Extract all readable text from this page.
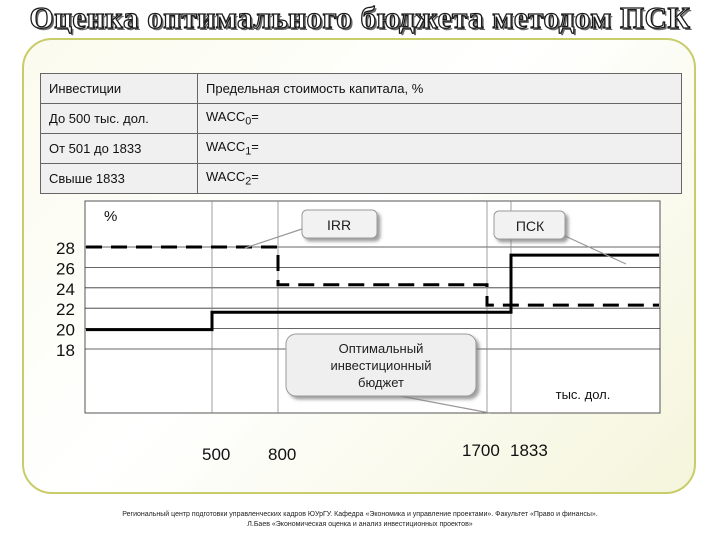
Оценка оптимального бюджета методом ПСК
Инвестиции	Предельная стоимость капитала, %
До 500 тыс. дол.	$WACC_0=$
От 501 до 1833	$WACC_1=$
Свыше 1833	$WACC_2=$
28
26
24
22
20
18
500 800	1700 1833
%	IRR	ПСК
Оптимальный
инвестиционный
бюджет
тыс. дол.
Региональный центр подготовки управленческих кадров ЮУрГУ. Кафедра «Экономика и управление проектами». Факультет «Право и финансы».
Л.Баев «Экономическая оценка и анализ инвестиционных проектов»
